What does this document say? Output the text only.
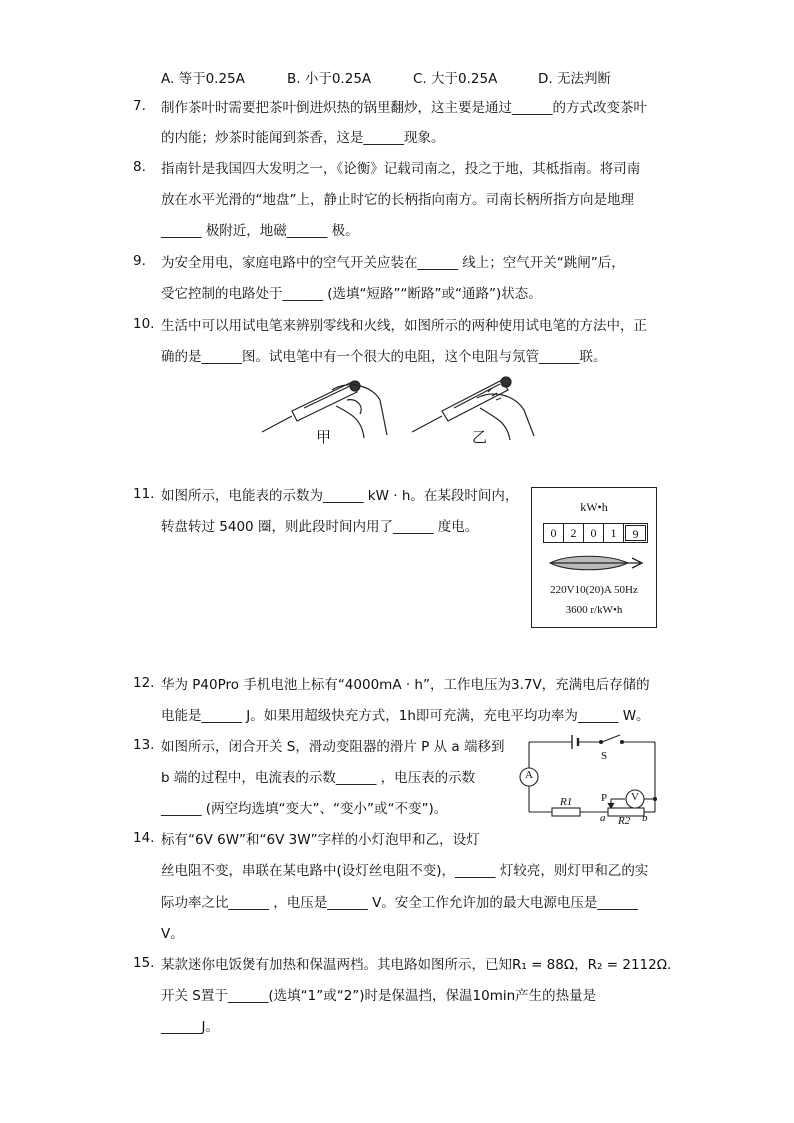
A. 等于0.25A	B. 小于0.25A	C. 大于0.25A	D. 无法判断
7.	制作茶叶时需要把茶叶倒进炽热的锅里翻炒，这主要是通过______的方式改变茶叶
的内能；炒茶时能闻到茶香，这是______现象。
8.	指南针是我国四大发明之一，《论衡》记载司南之，投之于地，其柢指南。将司南
放在水平光滑的“地盘”上，静止时它的长柄指向南方。司南长柄所指方向是地理
______ 极附近，地磁______ 极。
9.	为安全用电，家庭电路中的空气开关应装在______ 线上；空气开关“跳闸”后，
受它控制的电路处于______ (选填“短路”“断路”或“通路”)状态。
10. 生活中可以用试电笔来辨别零线和火线，如图所示的两种使用试电笔的方法中，正
确的是______图。试电笔中有一个很大的电阻，这个电阻与氖管______联。
甲	乙
11. 如图所示，电能表的示数为______ kW · h。在某段时间内，
转盘转过 5400 圈，则此段时间内用了______ 度电。
kW•h
0	2	0	1	9
220V10(20)A 50Hz
3600 r/kW•h
12. 华为 P40Pro 手机电池上标有“4000mA · h”，工作电压为3.7V，充满电后存储的
电能是______ J。如果用超级快充方式，1h即可充满，充电平均功率为______ W。
13. 如图所示，闭合开关 S，滑动变阻器的滑片 P 从 a 端移到
b 端的过程中，电流表的示数______ ，电压表的示数
______ (两空均选填“变大”、“变小”或“不变”)。
S
A
V
R1	P
a R2 b
14. 标有“6V 6W”和“6V 3W”字样的小灯泡甲和乙，设灯
丝电阻不变，串联在某电路中(设灯丝电阻不变)，______ 灯较亮，则灯甲和乙的实
际功率之比______ ，电压是______ V。安全工作允许加的最大电源电压是______
V。
15. 某款迷你电饭煲有加热和保温两档。其电路如图所示，已知R₁ = 88Ω，R₂ = 2112Ω.
开关 S置于______(选填“1”或“2”)时是保温挡，保温10min产生的热量是
______J。
